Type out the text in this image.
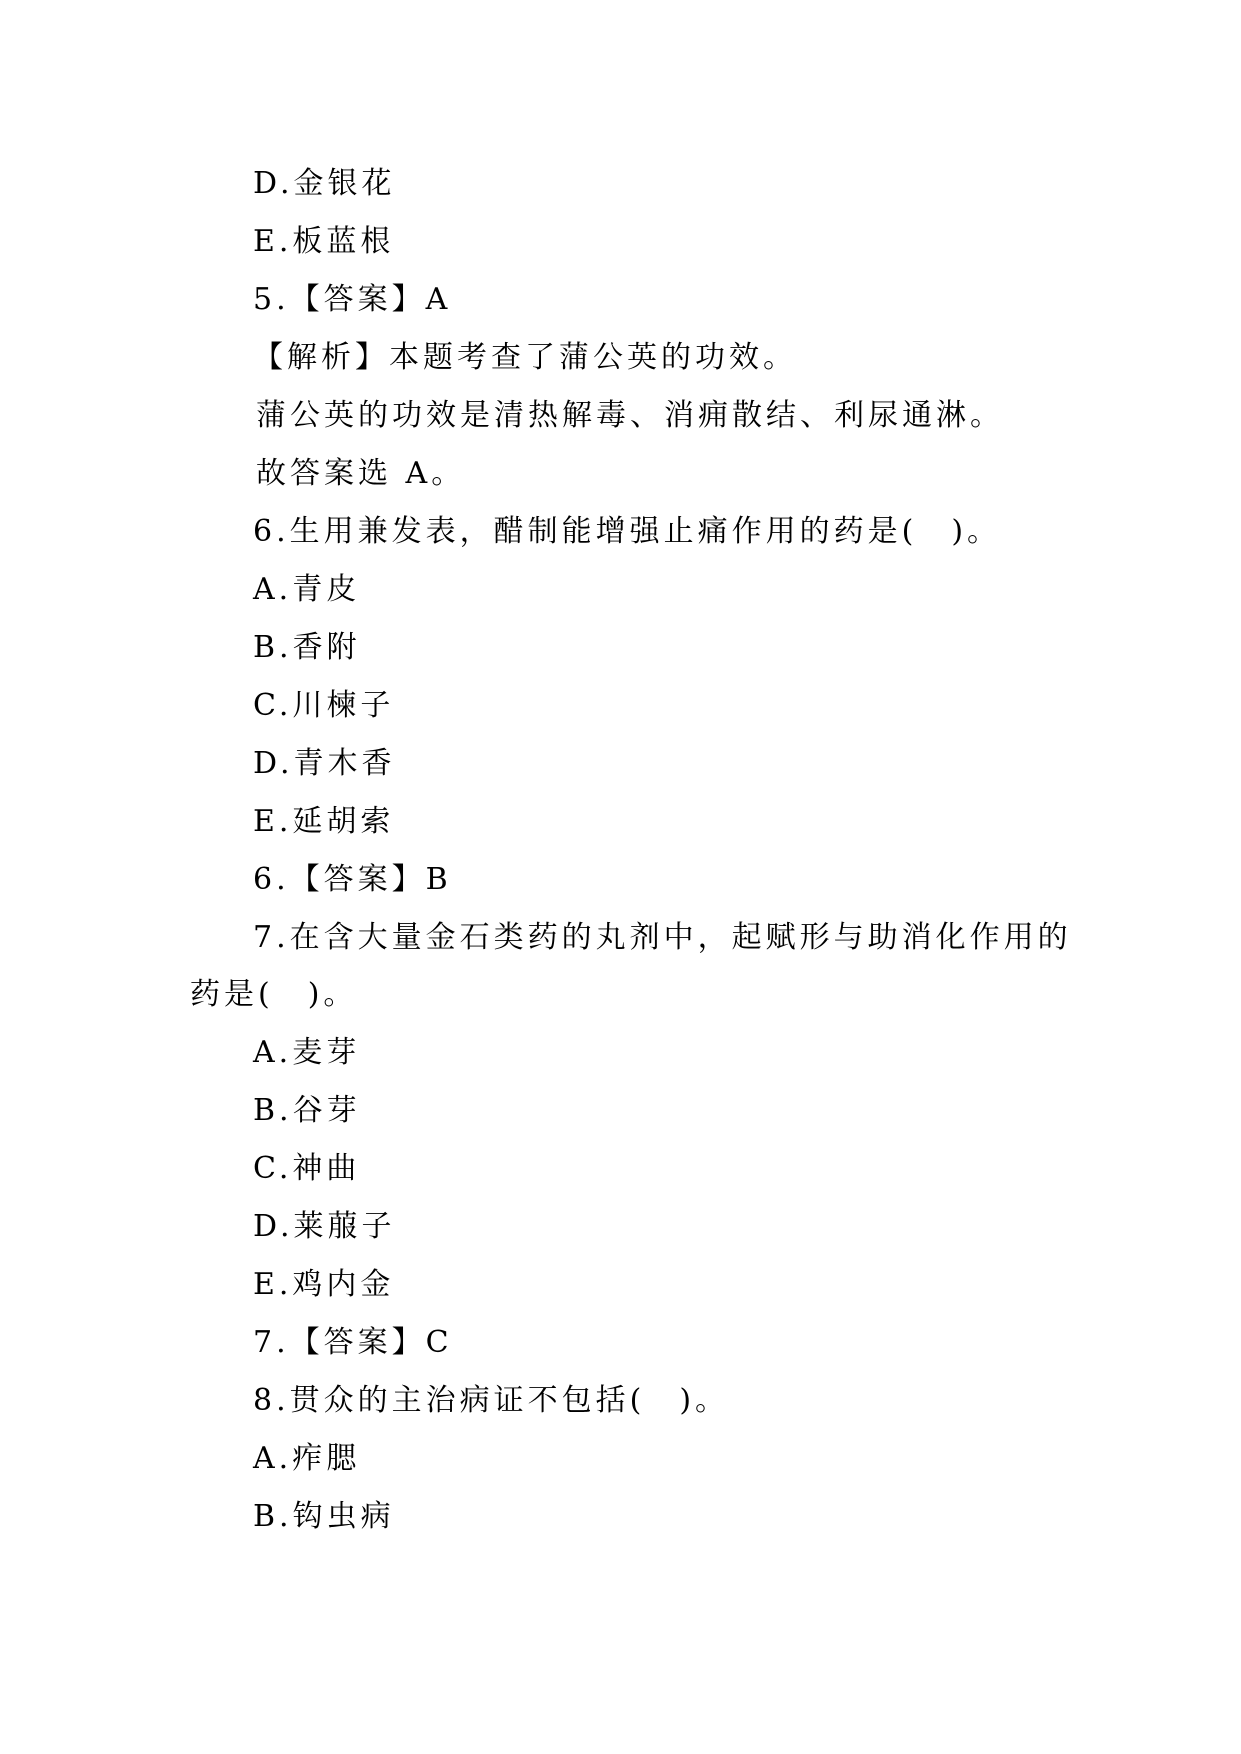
D.金银花
E.板蓝根
5.【答案】A
【解析】本题考查了蒲公英的功效。
蒲公英的功效是清热解毒、消痈散结、利尿通淋。
故答案选 A。
6.生用兼发表，醋制能增强止痛作用的药是(　)。
A.青皮
B.香附
C.川楝子
D.青木香
E.延胡索
6.【答案】B
7.在含大量金石类药的丸剂中，起赋形与助消化作用的
药是(　)。
A.麦芽
B.谷芽
C.神曲
D.莱菔子
E.鸡内金
7.【答案】C
8.贯众的主治病证不包括(　)。
A.痄腮
B.钩虫病
